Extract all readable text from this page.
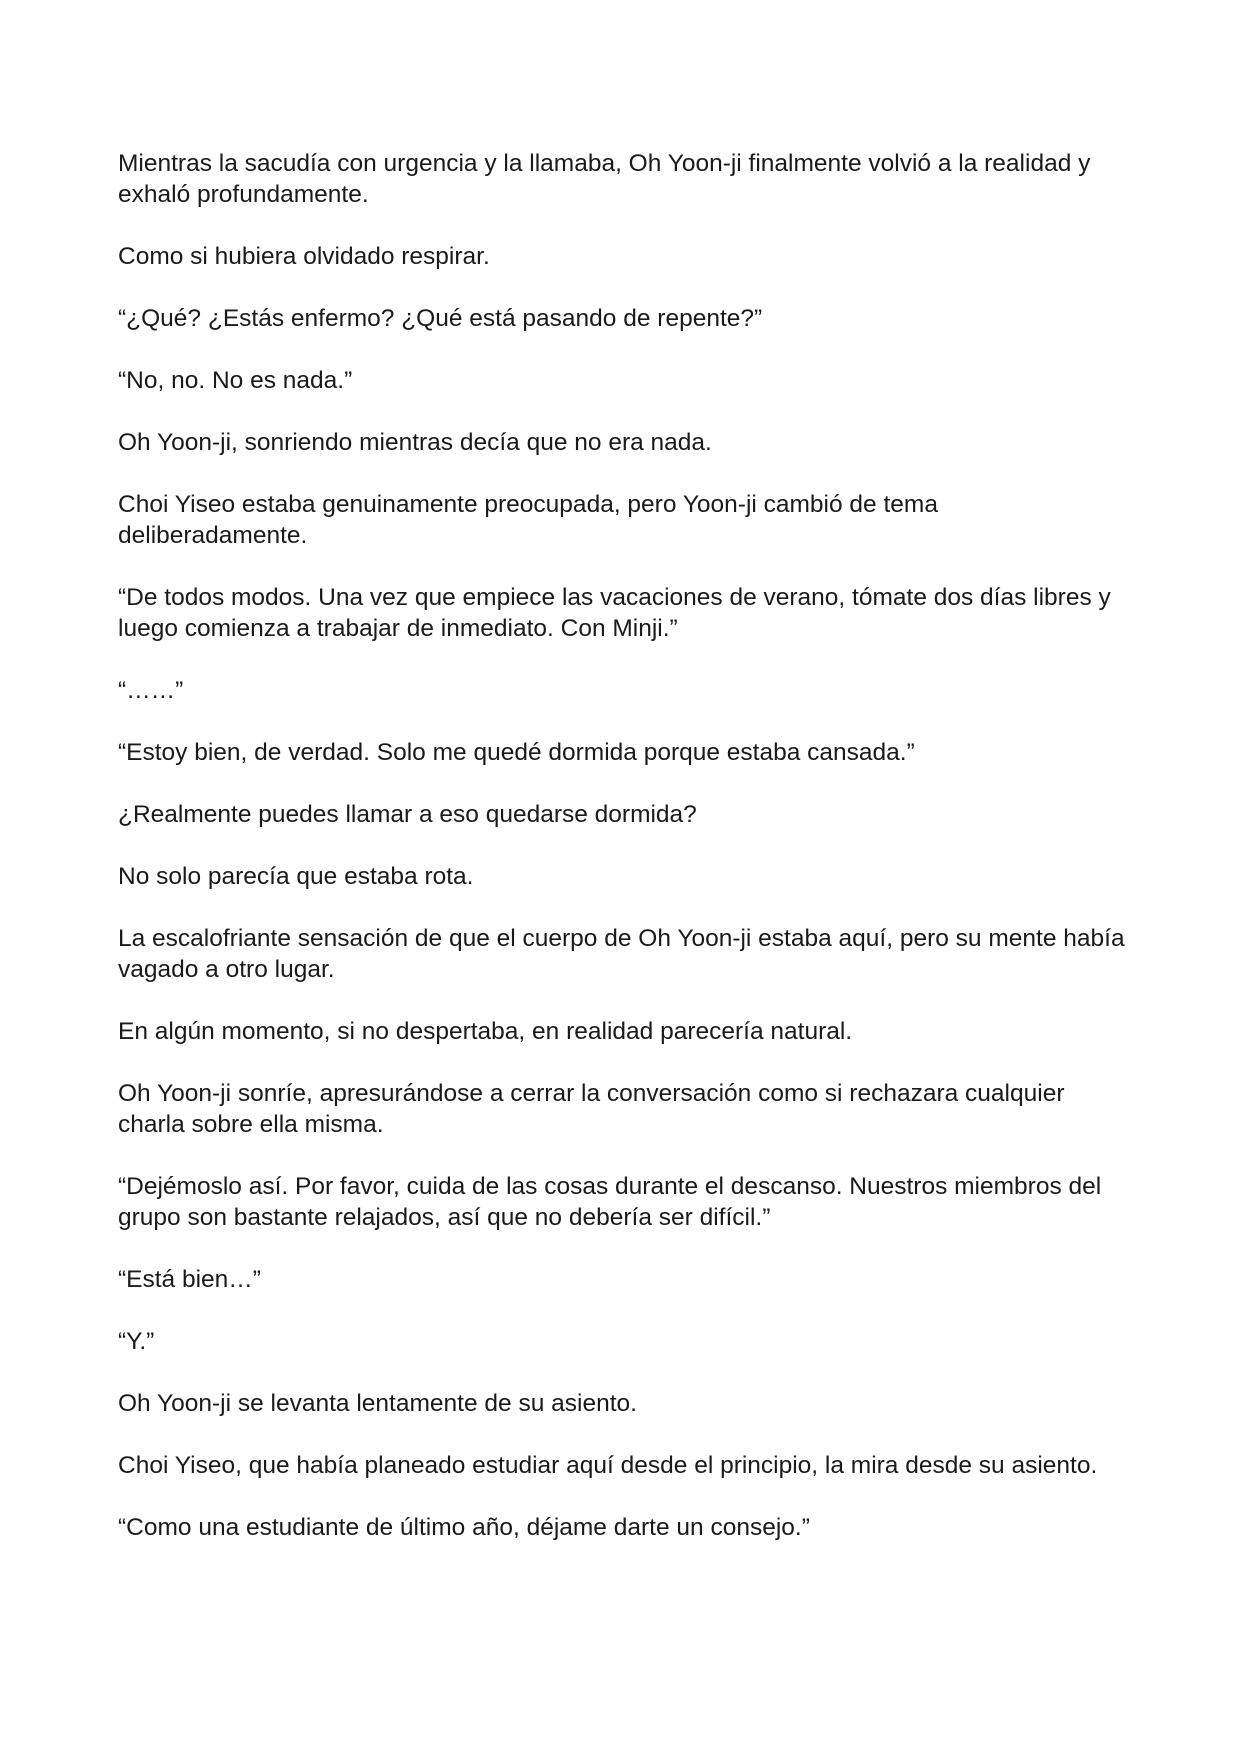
Mientras la sacudía con urgencia y la llamaba, Oh Yoon-ji finalmente volvió a la realidad y exhaló profundamente.

Como si hubiera olvidado respirar.

“¿Qué? ¿Estás enfermo? ¿Qué está pasando de repente?”

“No, no. No es nada.”

Oh Yoon-ji, sonriendo mientras decía que no era nada.

Choi Yiseo estaba genuinamente preocupada, pero Yoon-ji cambió de tema deliberadamente.

“De todos modos. Una vez que empiece las vacaciones de verano, tómate dos días libres y luego comienza a trabajar de inmediato. Con Minji.”

“……”

“Estoy bien, de verdad. Solo me quedé dormida porque estaba cansada.”

¿Realmente puedes llamar a eso quedarse dormida?

No solo parecía que estaba rota.

La escalofriante sensación de que el cuerpo de Oh Yoon-ji estaba aquí, pero su mente había vagado a otro lugar.

En algún momento, si no despertaba, en realidad parecería natural.

Oh Yoon-ji sonríe, apresurándose a cerrar la conversación como si rechazara cualquier charla sobre ella misma.

“Dejémoslo así. Por favor, cuida de las cosas durante el descanso. Nuestros miembros del grupo son bastante relajados, así que no debería ser difícil.”

“Está bien…”

“Y.”

Oh Yoon-ji se levanta lentamente de su asiento.

Choi Yiseo, que había planeado estudiar aquí desde el principio, la mira desde su asiento.

“Como una estudiante de último año, déjame darte un consejo.”
